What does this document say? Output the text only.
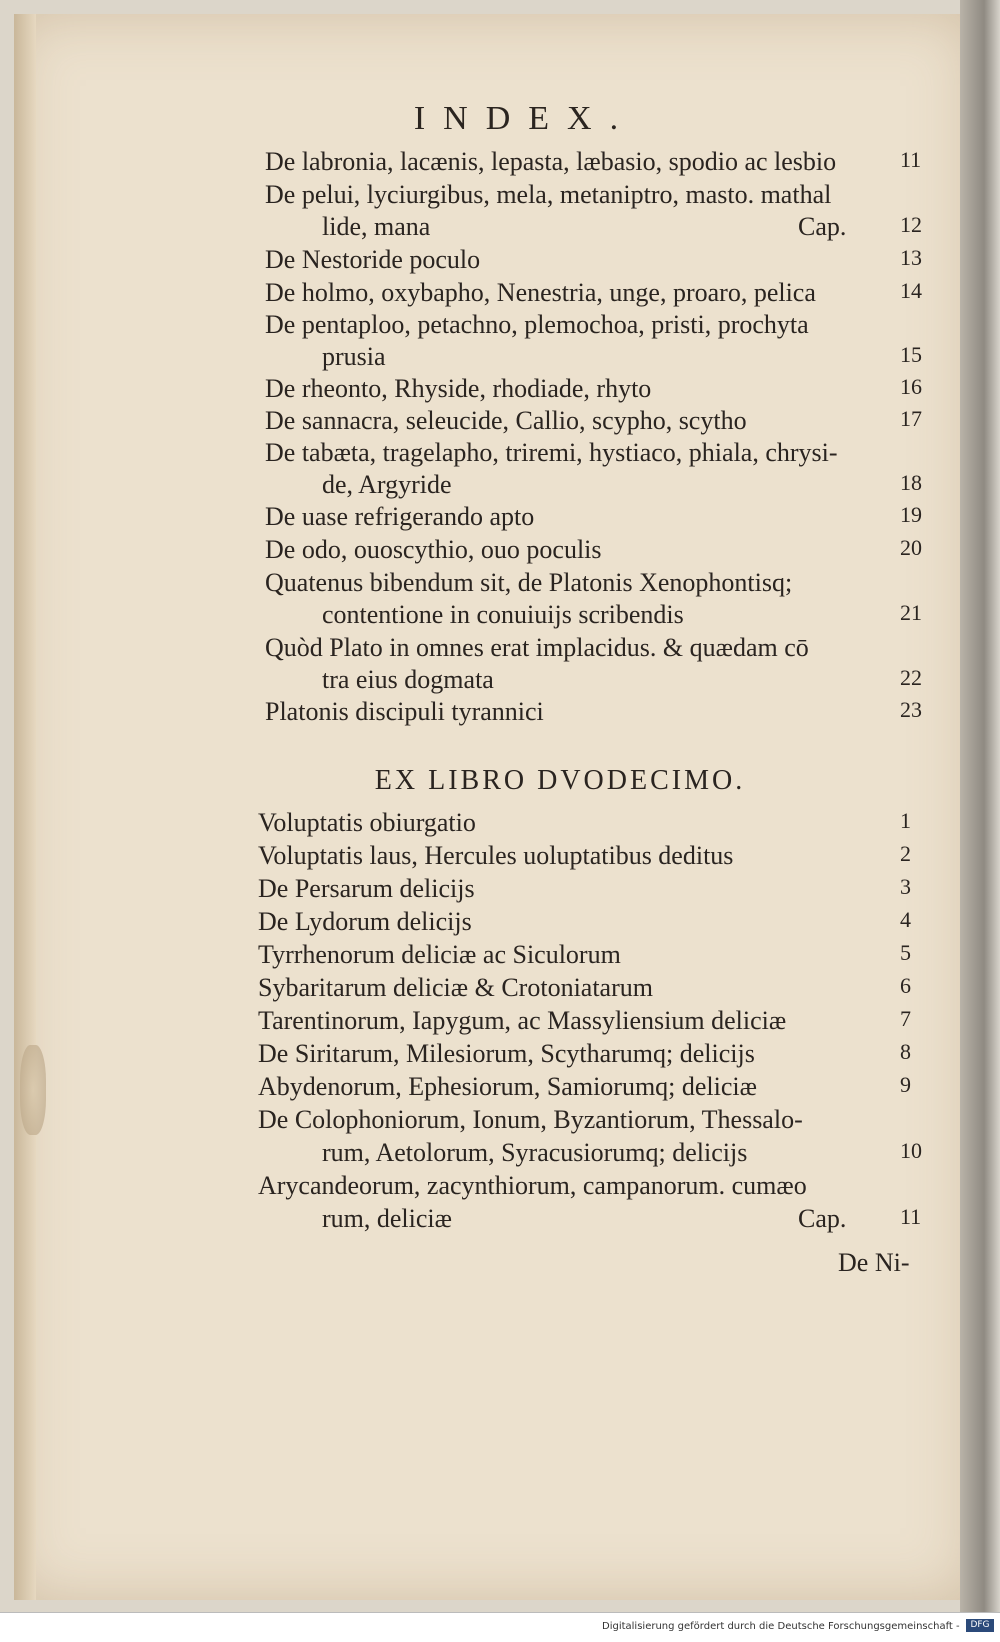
INDEX.
De labronia, lacænis, lepasta, læbasio, spodio ac lesbio	11
De pelui, lyciurgibus, mela, metaniptro, masto. mathal
lide, mana	Cap. 12
De Nestoride poculo	13
De holmo, oxybapho, Nenestria, unge, proaro, pelica	14
De pentaploo, petachno, plemochoa, pristi, prochyta
prusia	15
De rheonto, Rhyside, rhodiade, rhyto	16
De sannacra, seleucide, Callio, scypho, scytho	17
De tabæta, tragelapho, triremi, hystiaco, phiala, chrysi-
de, Argyride	18
De uase refrigerando apto	19
De odo, ouoscythio, ouo poculis	20
Quatenus bibendum sit, de Platonis Xenophontisq;
contentione in conuiuijs scribendis	21
Quòd Plato in omnes erat implacidus. & quædam cō
tra eius dogmata	22
Platonis discipuli tyrannici	23
EX LIBRO DVODECIMO.
Voluptatis obiurgatio	1
Voluptatis laus, Hercules uoluptatibus deditus	2
De Persarum delicijs	3
De Lydorum delicijs	4
Tyrrhenorum deliciæ ac Siculorum	5
Sybaritarum deliciæ & Crotoniatarum	6
Tarentinorum, Iapygum, ac Massyliensium deliciæ	7
De Siritarum, Milesiorum, Scytharumq; delicijs	8
Abydenorum, Ephesiorum, Samiorumq; deliciæ	9
De Colophoniorum, Ionum, Byzantiorum, Thessalo-
rum, Aetolorum, Syracusiorumq; delicijs	10
Arycandeorum, zacynthiorum, campanorum. cumæo
rum, deliciæ	Cap. 11
De Ni-
Digitalisierung gefördert durch die Deutsche Forschungsgemeinschaft -	DFG
